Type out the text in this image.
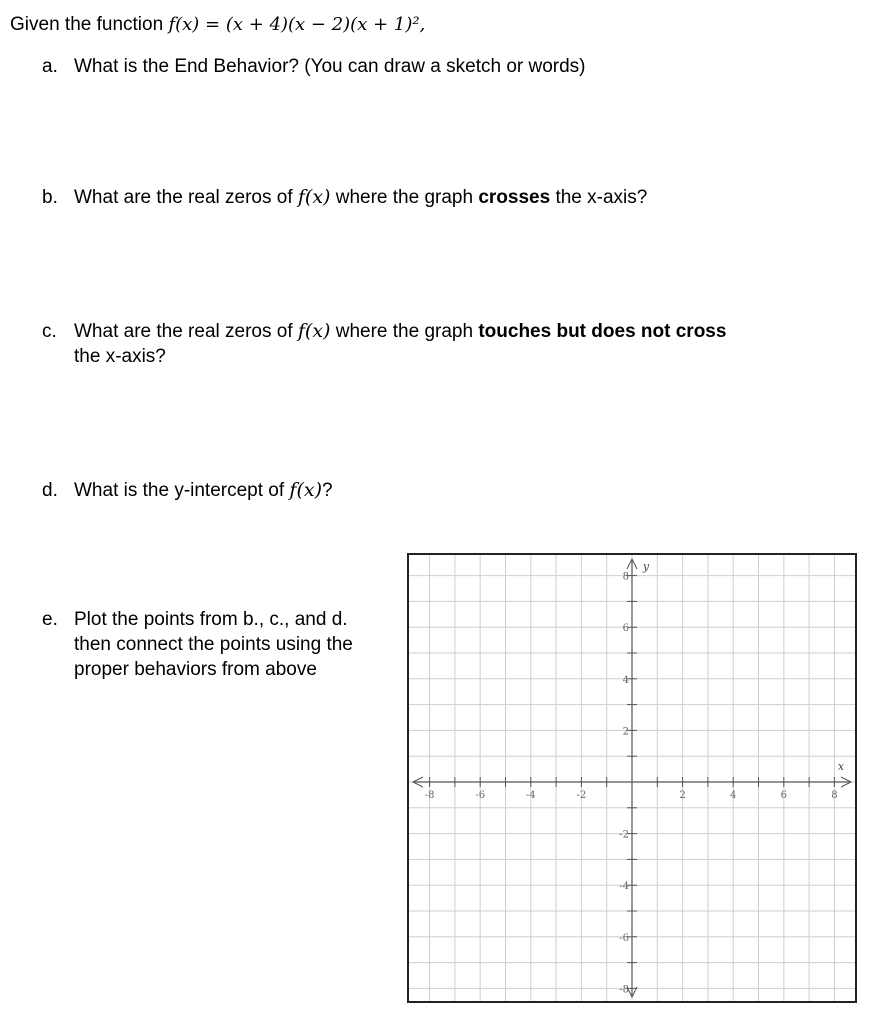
Given the function f(x) = (x + 4)(x − 2)(x + 1)²,
a. What is the End Behavior? (You can draw a sketch or words)
b. What are the real zeros of f(x) where the graph crosses the x-axis?
c. What are the real zeros of f(x) where the graph touches but does not cross
the x-axis?
d. What is the y-intercept of f(x)?
e. Plot the points from b., c., and d.
then connect the points using the
proper behaviors from above
-8	-6	-4	-2	2	4	6	8
8
6
4
2
-2
-4
-6
-8
x
y
